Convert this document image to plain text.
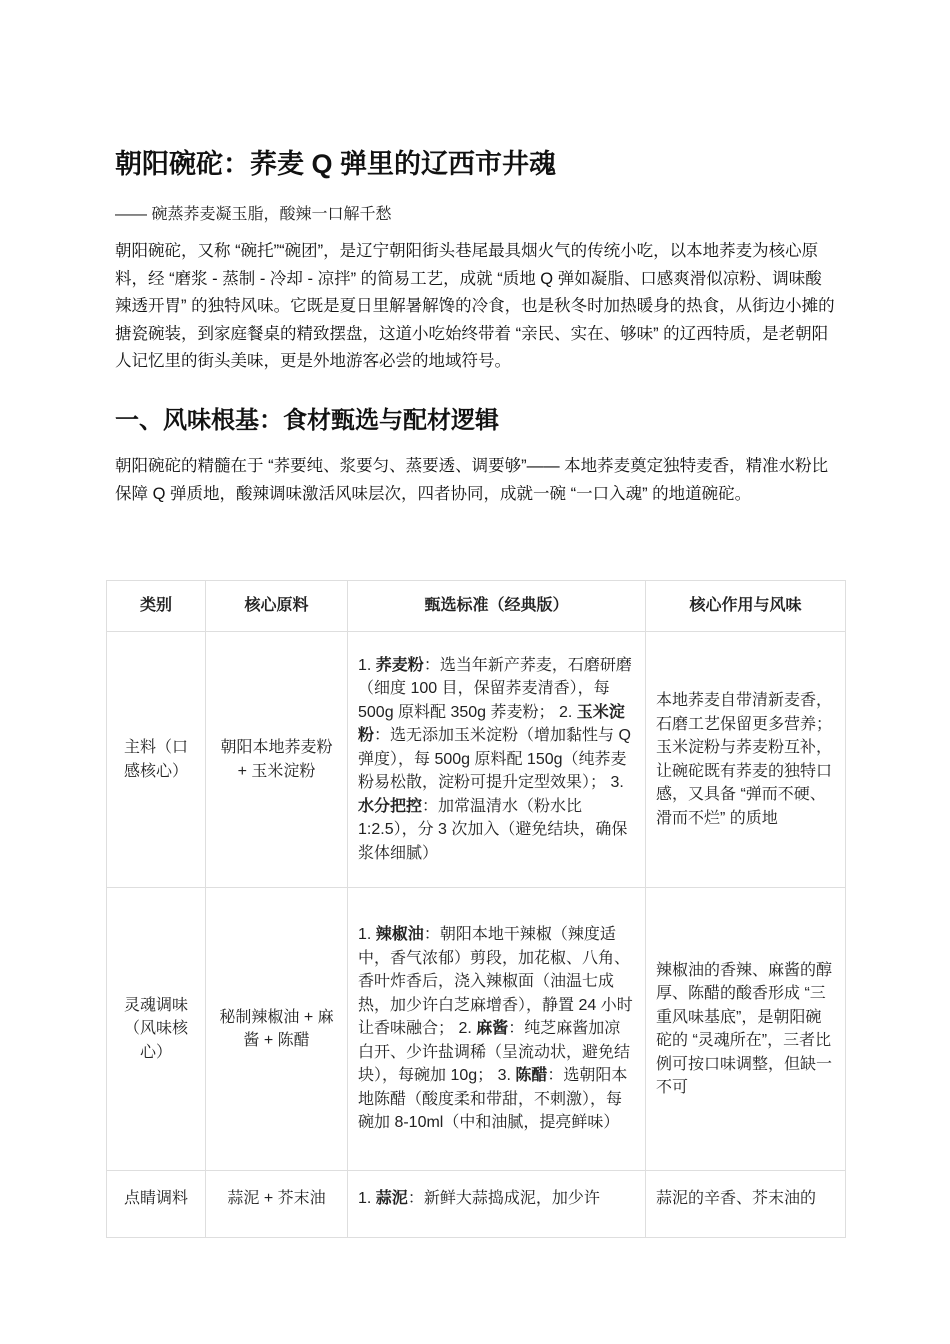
朝阳碗砣：荞麦 Q 弹里的辽西市井魂
—— 碗蒸荞麦凝玉脂，酸辣一口解千愁

朝阳碗砣，又称 “碗托”“碗团”，是辽宁朝阳街头巷尾最具烟火气的传统小吃，以本地荞麦为核心原料，经 “磨浆 - 蒸制 - 冷却 - 凉拌” 的简易工艺，成就 “质地 Q 弹如凝脂、口感爽滑似凉粉、调味酸辣透开胃” 的独特风味。它既是夏日里解暑解馋的冷食，也是秋冬时加热暖身的热食，从街边小摊的搪瓷碗装，到家庭餐桌的精致摆盘，这道小吃始终带着 “亲民、实在、够味” 的辽西特质，是老朝阳人记忆里的街头美味，更是外地游客必尝的地域符号。

一、风味根基：食材甄选与配材逻辑

朝阳碗砣的精髓在于 “荞要纯、浆要匀、蒸要透、调要够”—— 本地荞麦奠定独特麦香，精准水粉比保障 Q 弹质地，酸辣调味激活风味层次，四者协同，成就一碗 “一口入魂” 的地道碗砣。

类别	核心原料	甄选标准（经典版）	核心作用与风味
主料（口感核心）	朝阳本地荞麦粉 + 玉米淀粉	1. 荞麦粉：选当年新产荞麦，石磨研磨（细度 100 目，保留荞麦清香），每 500g 原料配 350g 荞麦粉； 2. 玉米淀粉：选无添加玉米淀粉（增加黏性与 Q 弹度），每 500g 原料配 150g（纯荞麦粉易松散，淀粉可提升定型效果）； 3. 水分把控：加常温清水（粉水比 1:2.5），分 3 次加入（避免结块，确保浆体细腻）	本地荞麦自带清新麦香，石磨工艺保留更多营养；玉米淀粉与荞麦粉互补，让碗砣既有荞麦的独特口感，又具备 “弹而不硬、滑而不烂” 的质地
灵魂调味（风味核心）	秘制辣椒油 + 麻酱 + 陈醋	1. 辣椒油：朝阳本地干辣椒（辣度适中，香气浓郁）剪段，加花椒、八角、香叶炸香后，浇入辣椒面（油温七成热，加少许白芝麻增香），静置 24 小时让香味融合； 2. 麻酱：纯芝麻酱加凉白开、少许盐调稀（呈流动状，避免结块），每碗加 10g； 3. 陈醋：选朝阳本地陈醋（酸度柔和带甜，不刺激），每碗加 8-10ml（中和油腻，提亮鲜味）	辣椒油的香辣、麻酱的醇厚、陈醋的酸香形成 “三重风味基底”，是朝阳碗砣的 “灵魂所在”，三者比例可按口味调整，但缺一不可
点睛调料	蒜泥 + 芥末油	1. 蒜泥：新鲜大蒜捣成泥，加少许	蒜泥的辛香、芥末油的
